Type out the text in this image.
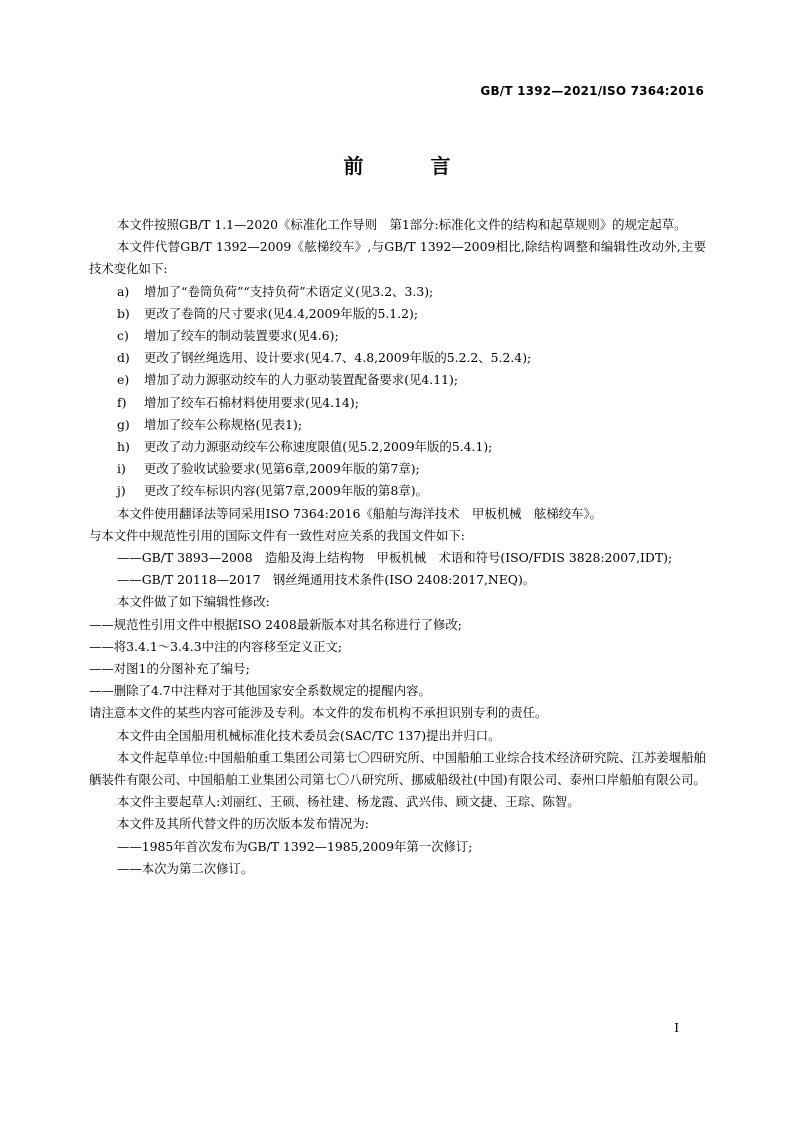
GB/T 1392—2021/ISO 7364:2016
前 言

本文件按照GB/T 1.1—2020《标准化工作导则　第1部分:标准化文件的结构和起草规则》的规定起草。

本文件代替GB/T 1392—2009《舷梯绞车》,与GB/T 1392—2009相比,除结构调整和编辑性改动外,主要技术变化如下:

a)	增加了“卷筒负荷”“支持负荷”术语定义(见3.2、3.3);
b)	更改了卷筒的尺寸要求(见4.4,2009年版的5.1.2);
c)	增加了绞车的制动装置要求(见4.6);
d)	更改了钢丝绳选用、设计要求(见4.7、4.8,2009年版的5.2.2、5.2.4);
e)	增加了动力源驱动绞车的人力驱动装置配备要求(见4.11);
f)	增加了绞车石棉材料使用要求(见4.14);
g)	增加了绞车公称规格(见表1);
h)	更改了动力源驱动绞车公称速度限值(见5.2,2009年版的5.4.1);
i)	更改了验收试验要求(见第6章,2009年版的第7章);
j)	更改了绞车标识内容(见第7章,2009年版的第8章)。

本文件使用翻译法等同采用ISO 7364:2016《船舶与海洋技术　甲板机械　舷梯绞车》。

与本文件中规范性引用的国际文件有一致性对应关系的我国文件如下:

——GB/T 3893—2008　造船及海上结构物　甲板机械　术语和符号(ISO/FDIS 3828:2007,IDT);

——GB/T 20118—2017　钢丝绳通用技术条件(ISO 2408:2017,NEQ)。

本文件做了如下编辑性修改:

——规范性引用文件中根据ISO 2408最新版本对其名称进行了修改;

——将3.4.1～3.4.3中注的内容移至定义正文;

——对图1的分图补充了编号;

——删除了4.7中注释对于其他国家安全系数规定的提醒内容。

请注意本文件的某些内容可能涉及专利。本文件的发布机构不承担识别专利的责任。

本文件由全国船用机械标准化技术委员会(SAC/TC 137)提出并归口。

本文件起草单位:中国船舶重工集团公司第七〇四研究所、中国船舶工业综合技术经济研究院、江苏姜堰船舶舾装件有限公司、中国船舶工业集团公司第七〇八研究所、挪威船级社(中国)有限公司、泰州口岸船舶有限公司。

本文件主要起草人:刘丽红、王硕、杨社建、杨龙霞、武兴伟、顾文捷、王琮、陈智。

本文件及其所代替文件的历次版本发布情况为:

——1985年首次发布为GB/T 1392—1985,2009年第一次修订;

——本次为第二次修订。

I
